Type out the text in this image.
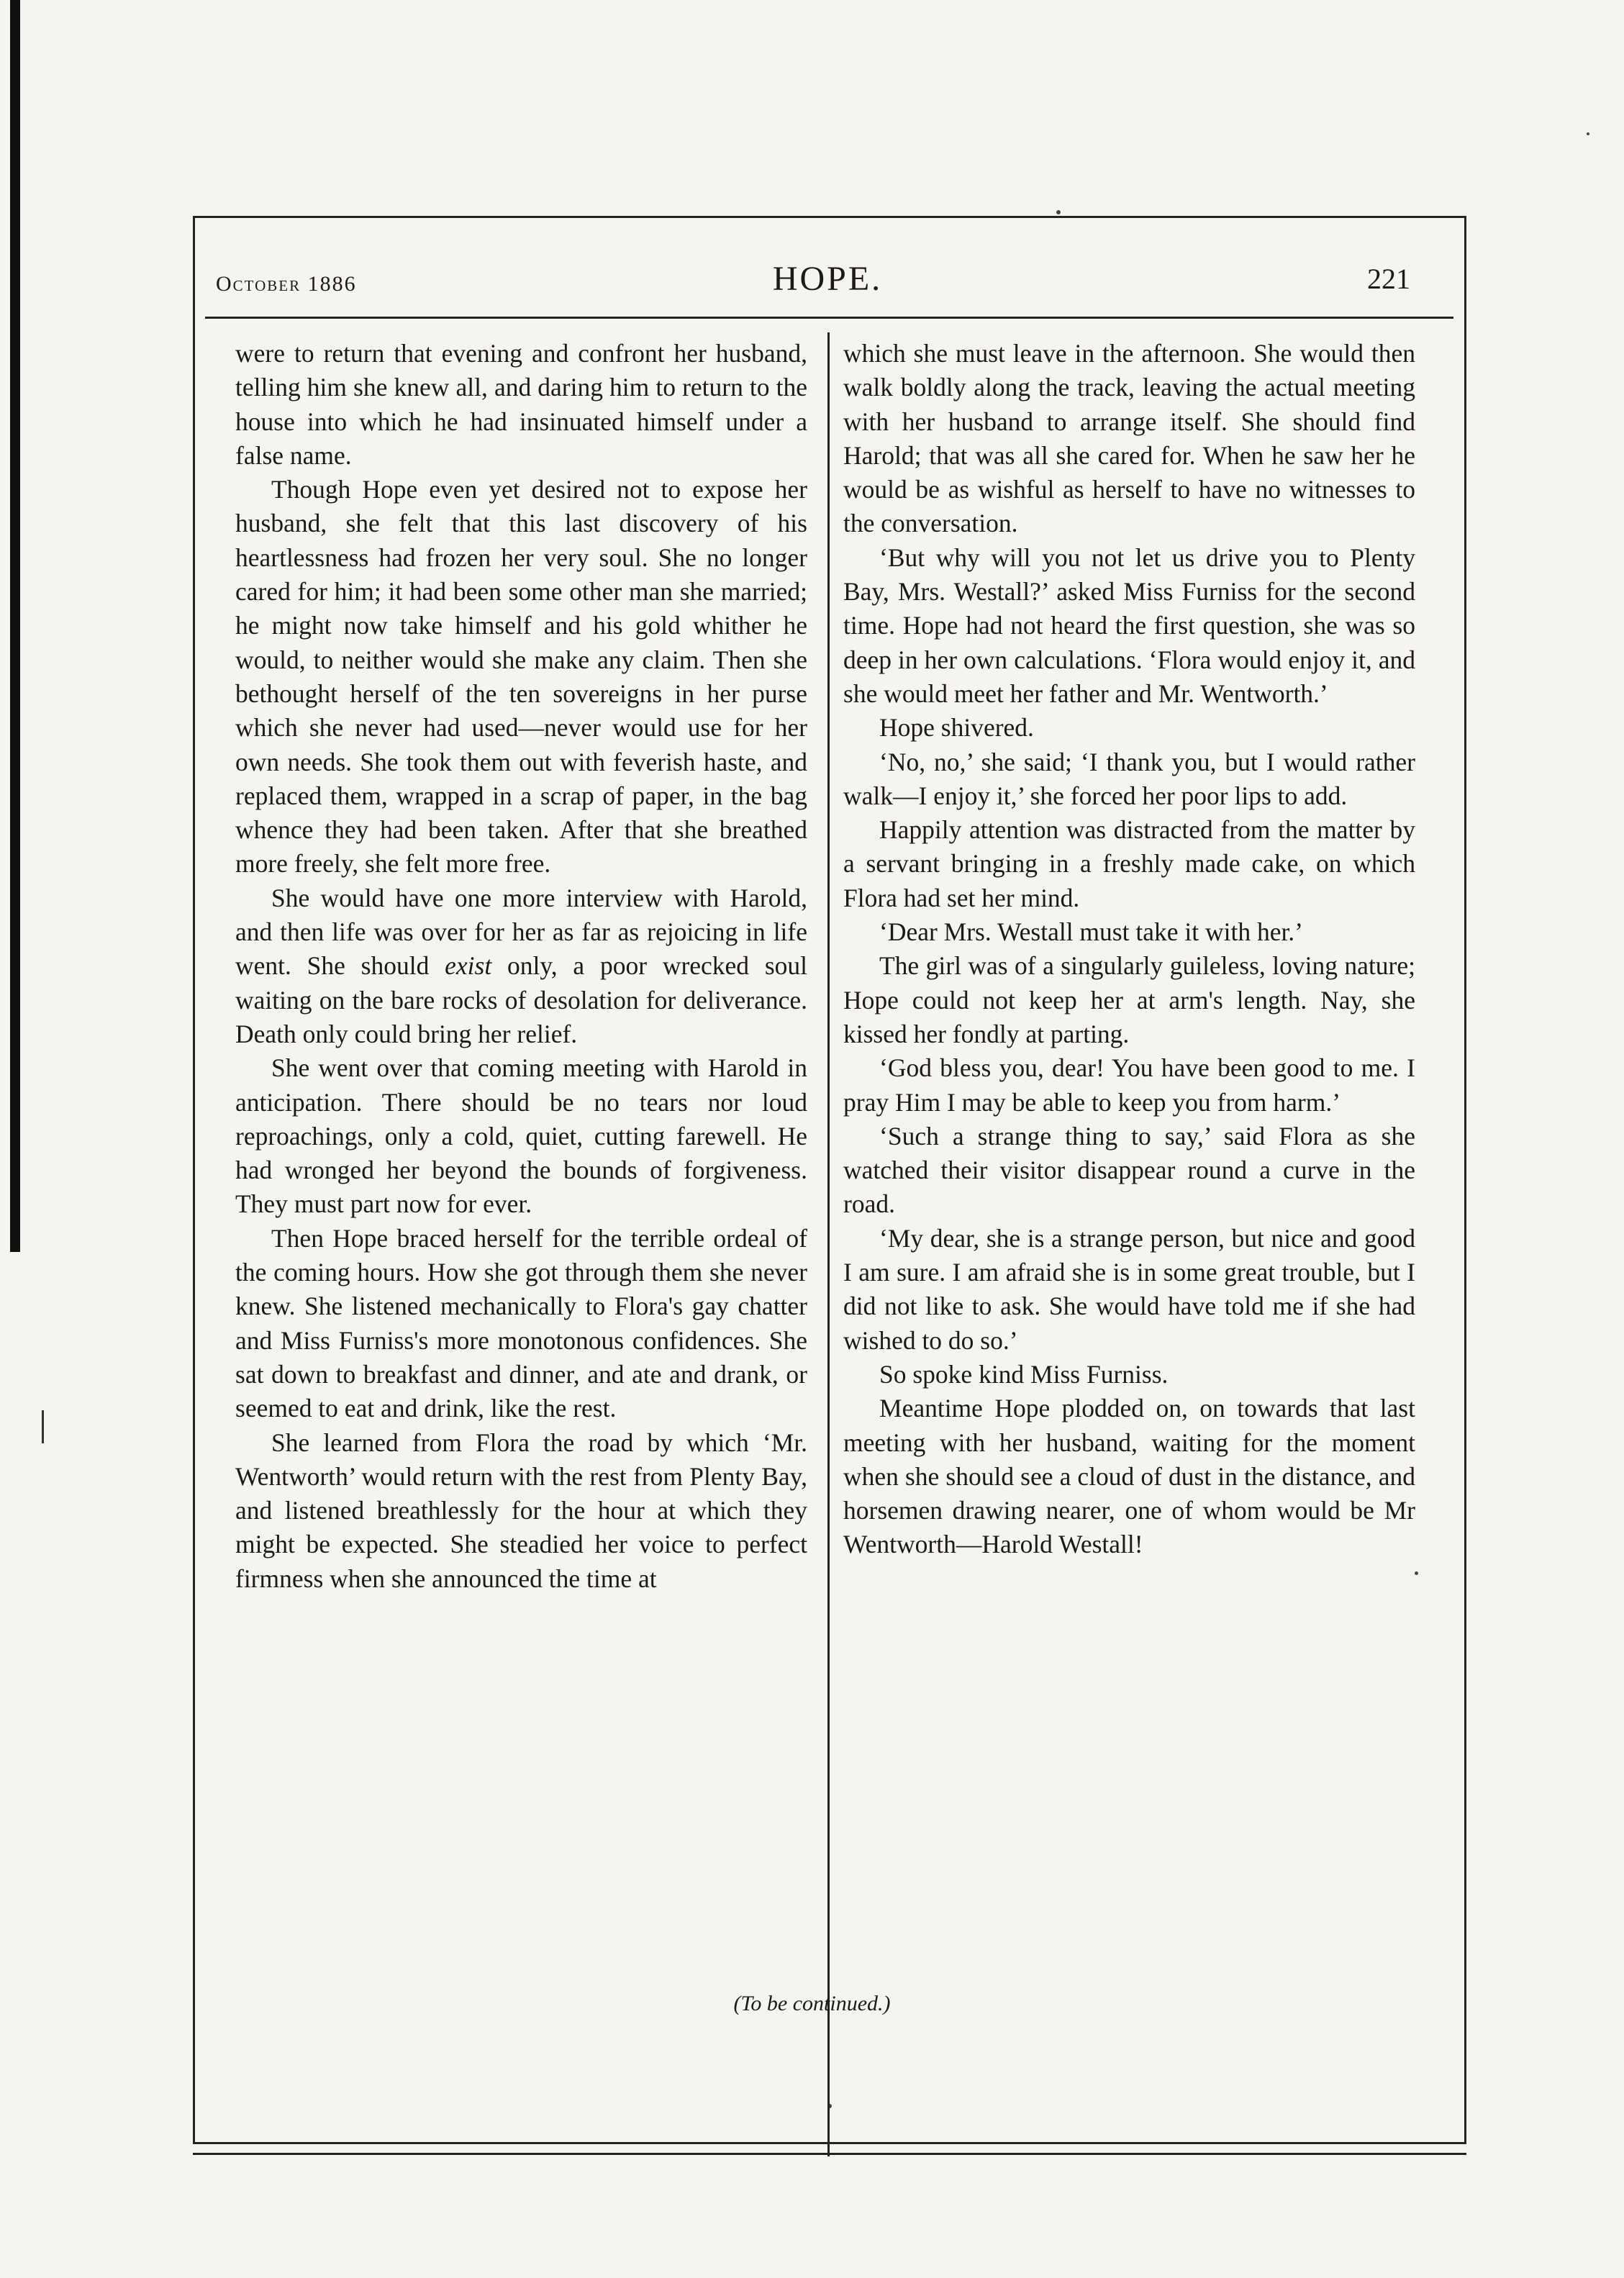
October 1886	HOPE.	221

were to return that evening and confront her husband, telling him she knew all, and daring him to return to the house into which he had insinuated himself under a false name.

Though Hope even yet desired not to expose her husband, she felt that this last discovery of his heartlessness had frozen her very soul. She no longer cared for him; it had been some other man she married; he might now take himself and his gold whither he would, to neither would she make any claim. Then she bethought herself of the ten sovereigns in her purse which she never had used—never would use for her own needs. She took them out with feverish haste, and replaced them, wrapped in a scrap of paper, in the bag whence they had been taken. After that she breathed more freely, she felt more free.

She would have one more interview with Harold, and then life was over for her as far as rejoicing in life went. She should exist only, a poor wrecked soul waiting on the bare rocks of desolation for deliverance. Death only could bring her relief.

She went over that coming meeting with Harold in anticipation. There should be no tears nor loud reproachings, only a cold, quiet, cutting farewell. He had wronged her beyond the bounds of forgiveness. They must part now for ever.

Then Hope braced herself for the terrible ordeal of the coming hours. How she got through them she never knew. She listened mechanically to Flora's gay chatter and Miss Furniss's more monotonous confidences. She sat down to breakfast and dinner, and ate and drank, or seemed to eat and drink, like the rest.

She learned from Flora the road by which ‘Mr. Wentworth’ would return with the rest from Plenty Bay, and listened breathlessly for the hour at which they might be expected. She steadied her voice to perfect firmness when she announced the time at

which she must leave in the afternoon. She would then walk boldly along the track, leaving the actual meeting with her husband to arrange itself. She should find Harold; that was all she cared for. When he saw her he would be as wishful as herself to have no witnesses to the conversation.

‘But why will you not let us drive you to Plenty Bay, Mrs. Westall?’ asked Miss Furniss for the second time. Hope had not heard the first question, she was so deep in her own calculations. ‘Flora would enjoy it, and she would meet her father and Mr. Wentworth.’

Hope shivered.

‘No, no,’ she said; ‘I thank you, but I would rather walk—I enjoy it,’ she forced her poor lips to add.

Happily attention was distracted from the matter by a servant bringing in a freshly made cake, on which Flora had set her mind.

‘Dear Mrs. Westall must take it with her.’

The girl was of a singularly guileless, loving nature; Hope could not keep her at arm's length. Nay, she kissed her fondly at parting.

‘God bless you, dear! You have been good to me. I pray Him I may be able to keep you from harm.’

‘Such a strange thing to say,’ said Flora as she watched their visitor disappear round a curve in the road.

‘My dear, she is a strange person, but nice and good I am sure. I am afraid she is in some great trouble, but I did not like to ask. She would have told me if she had wished to do so.’

So spoke kind Miss Furniss.

Meantime Hope plodded on, on towards that last meeting with her husband, waiting for the moment when she should see a cloud of dust in the distance, and horsemen drawing nearer, one of whom would be Mr Wentworth—Harold Westall!

(To be continued.)
